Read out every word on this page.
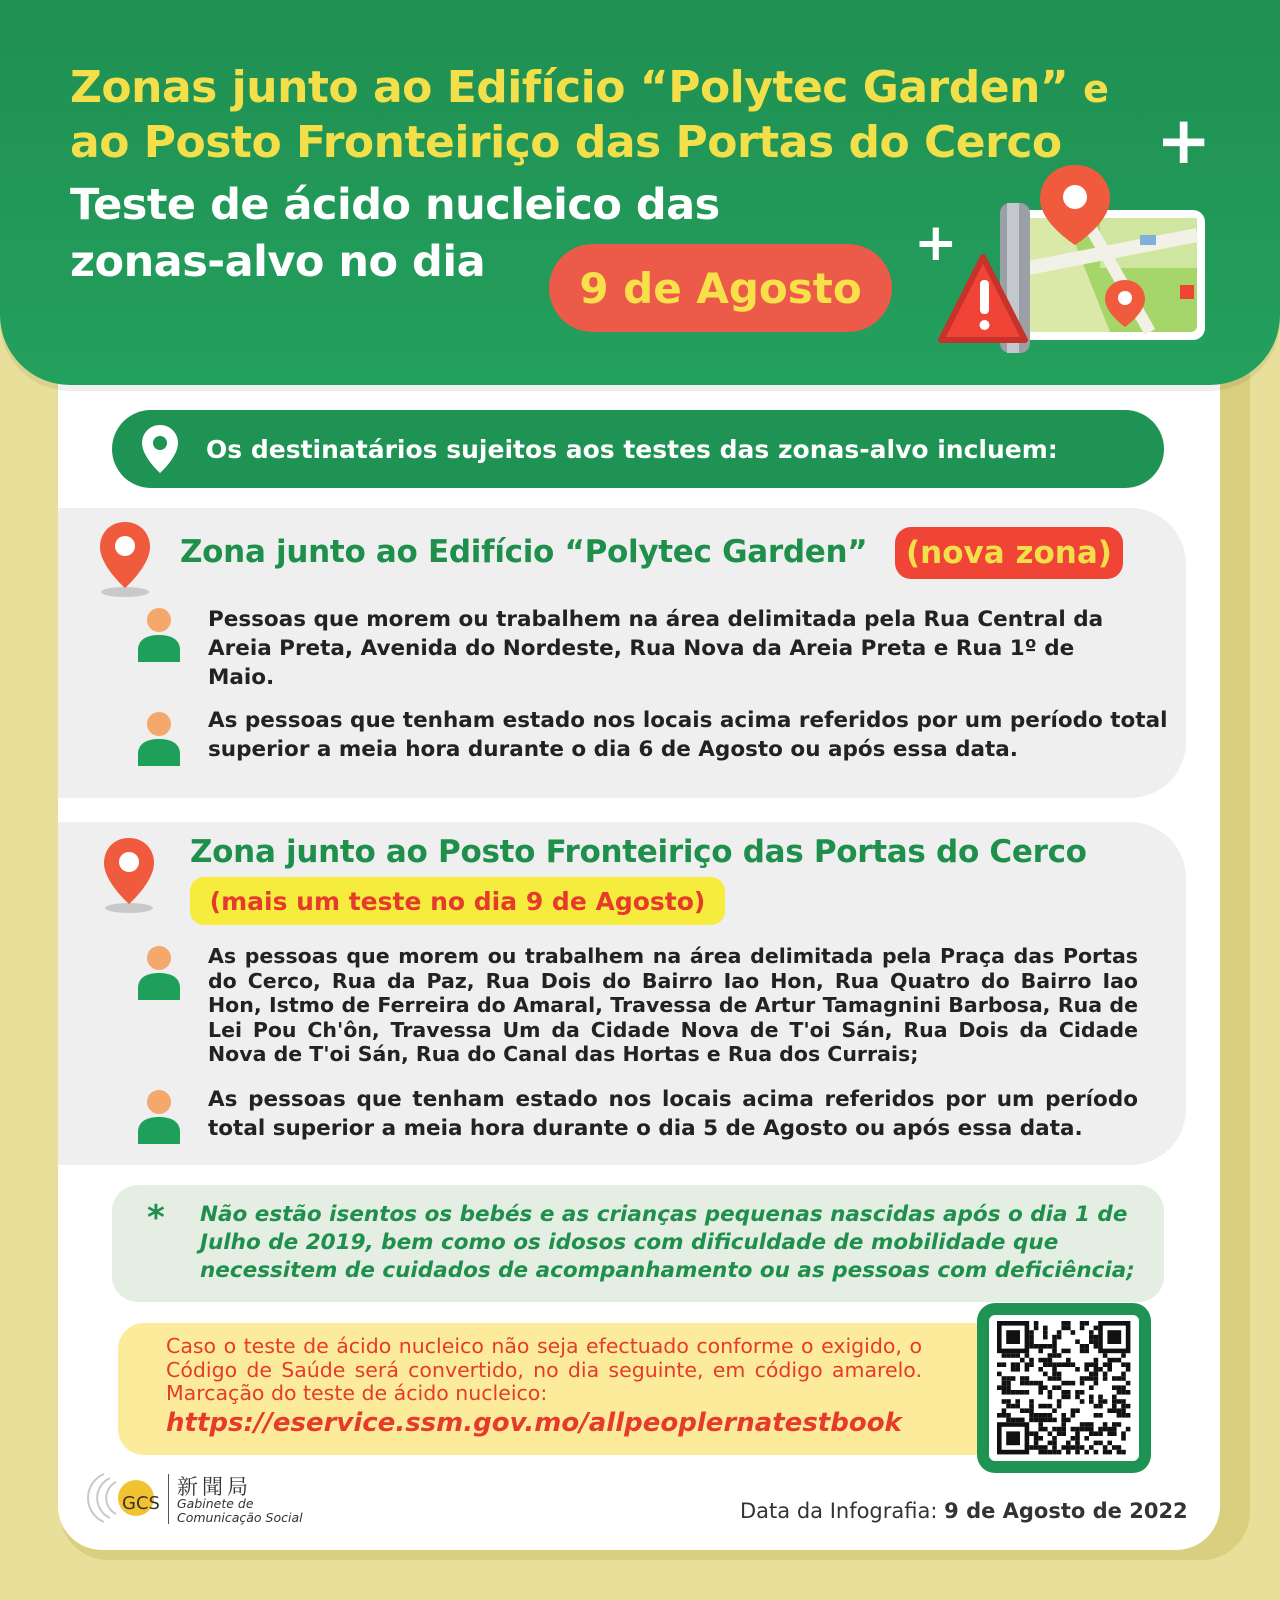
Zonas junto ao Edifício “Polytec Garden” e
ao Posto Fronteiriço das Portas do Cerco
Teste de ácido nucleico das
zonas-alvo no dia
9 de Agosto
+
+
Os destinatários sujeitos aos testes das zonas-alvo incluem:
Zona junto ao Edifício “Polytec Garden”	(nova zona)
Pessoas que morem ou trabalhem na área delimitada pela Rua Central da Areia Preta, Avenida do Nordeste, Rua Nova da Areia Preta e Rua 1º de Maio.
As pessoas que tenham estado nos locais acima referidos por um período total superior a meia hora durante o dia 6 de Agosto ou após essa data.
Zona junto ao Posto Fronteiriço das Portas do Cerco
(mais um teste no dia 9 de Agosto)
As pessoas que morem ou trabalhem na área delimitada pela Praça das Portas do Cerco, Rua da Paz, Rua Dois do Bairro Iao Hon, Rua Quatro do Bairro Iao Hon, Istmo de Ferreira do Amaral, Travessa de Artur Tamagnini Barbosa, Rua de Lei Pou Ch'ôn, Travessa Um da Cidade Nova de T'oi Sán, Rua Dois da Cidade Nova de T'oi Sán, Rua do Canal das Hortas e Rua dos Currais;
As pessoas que tenham estado nos locais acima referidos por um período total superior a meia hora durante o dia 5 de Agosto ou após essa data.
* Não estão isentos os bebés e as crianças pequenas nascidas após o dia 1 de Julho de 2019, bem como os idosos com dificuldade de mobilidade que necessitem de cuidados de acompanhamento ou as pessoas com deficiência;
Caso o teste de ácido nucleico não seja efectuado conforme o exigido, o Código de Saúde será convertido, no dia seguinte, em código amarelo. Marcação do teste de ácido nucleico:
https://eservice.ssm.gov.mo/allpeoplernatestbook
GCS
新聞局
Gabinete de
Comunicação Social	Data da Infografia: 9 de Agosto de 2022
